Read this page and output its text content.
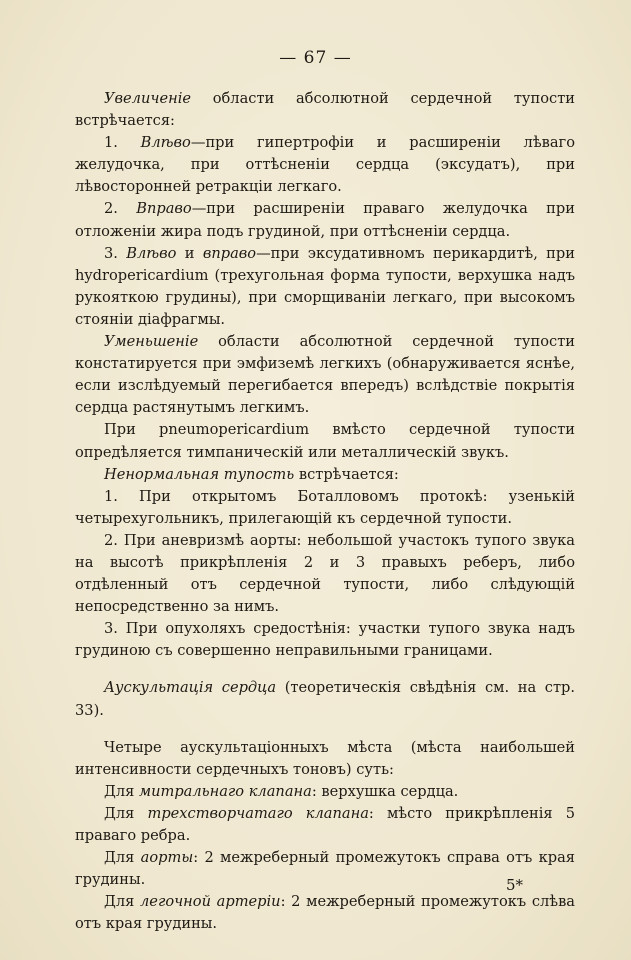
— 67 —

Увеличеніе области абсолютной сердечной тупости встрѣчается:

1. Влѣво—при гипертрофіи и расширеніи лѣваго желудочка, при оттѣсненіи сердца (эксудатъ), при лѣвосторонней ретракціи легкаго.

2. Вправо—при расширеніи праваго желудочка при отложеніи жира подъ грудиной, при оттѣсненіи сердца.

3. Влѣво и вправо—при эксудативномъ перикардитѣ, при hydrорericardium (трехугольная форма тупости, верхушка надъ рукояткою грудины), при сморщиваніи легкаго, при высокомъ стояніи діафрагмы.

Уменьшеніе области абсолютной сердечной тупости констатируется при эмфиземѣ легкихъ (обнаруживается яснѣе, если изслѣдуемый перегибается впередъ) вслѣдствіе покрытія сердца растянутымъ легкимъ.

При pneumopericardium вмѣсто сердечной тупости опредѣляется тимпаническій или металлическій звукъ.

Ненормальная тупость встрѣчается:

1. При открытомъ Боталловомъ протокѣ: узенькій четырехугольникъ, прилегающій къ сердечной тупости.

2. При аневризмѣ аорты: небольшой участокъ тупого звука на высотѣ прикрѣпленія 2 и 3 правыхъ реберъ, либо отдѣленный отъ сердечной тупости, либо слѣдующій непосредственно за нимъ.

3. При опухоляхъ средостѣнія: участки тупого звука надъ грудиною съ совершенно неправильными границами.

Аускультація сердца (теоретическія свѣдѣнія см. на стр. 33).

Четыре аускультаціонныхъ мѣста (мѣста наибольшей интенсивности сердечныхъ тоновъ) суть:

Для митральнаго клапана: верхушка сердца.

Для трехстворчатаго клапана: мѣсто прикрѣпленія 5 праваго ребра.

Для аорты: 2 межреберный промежутокъ справа отъ края грудины.

Для легочной артеріи: 2 межреберный промежутокъ слѣва отъ края грудины.

5*
